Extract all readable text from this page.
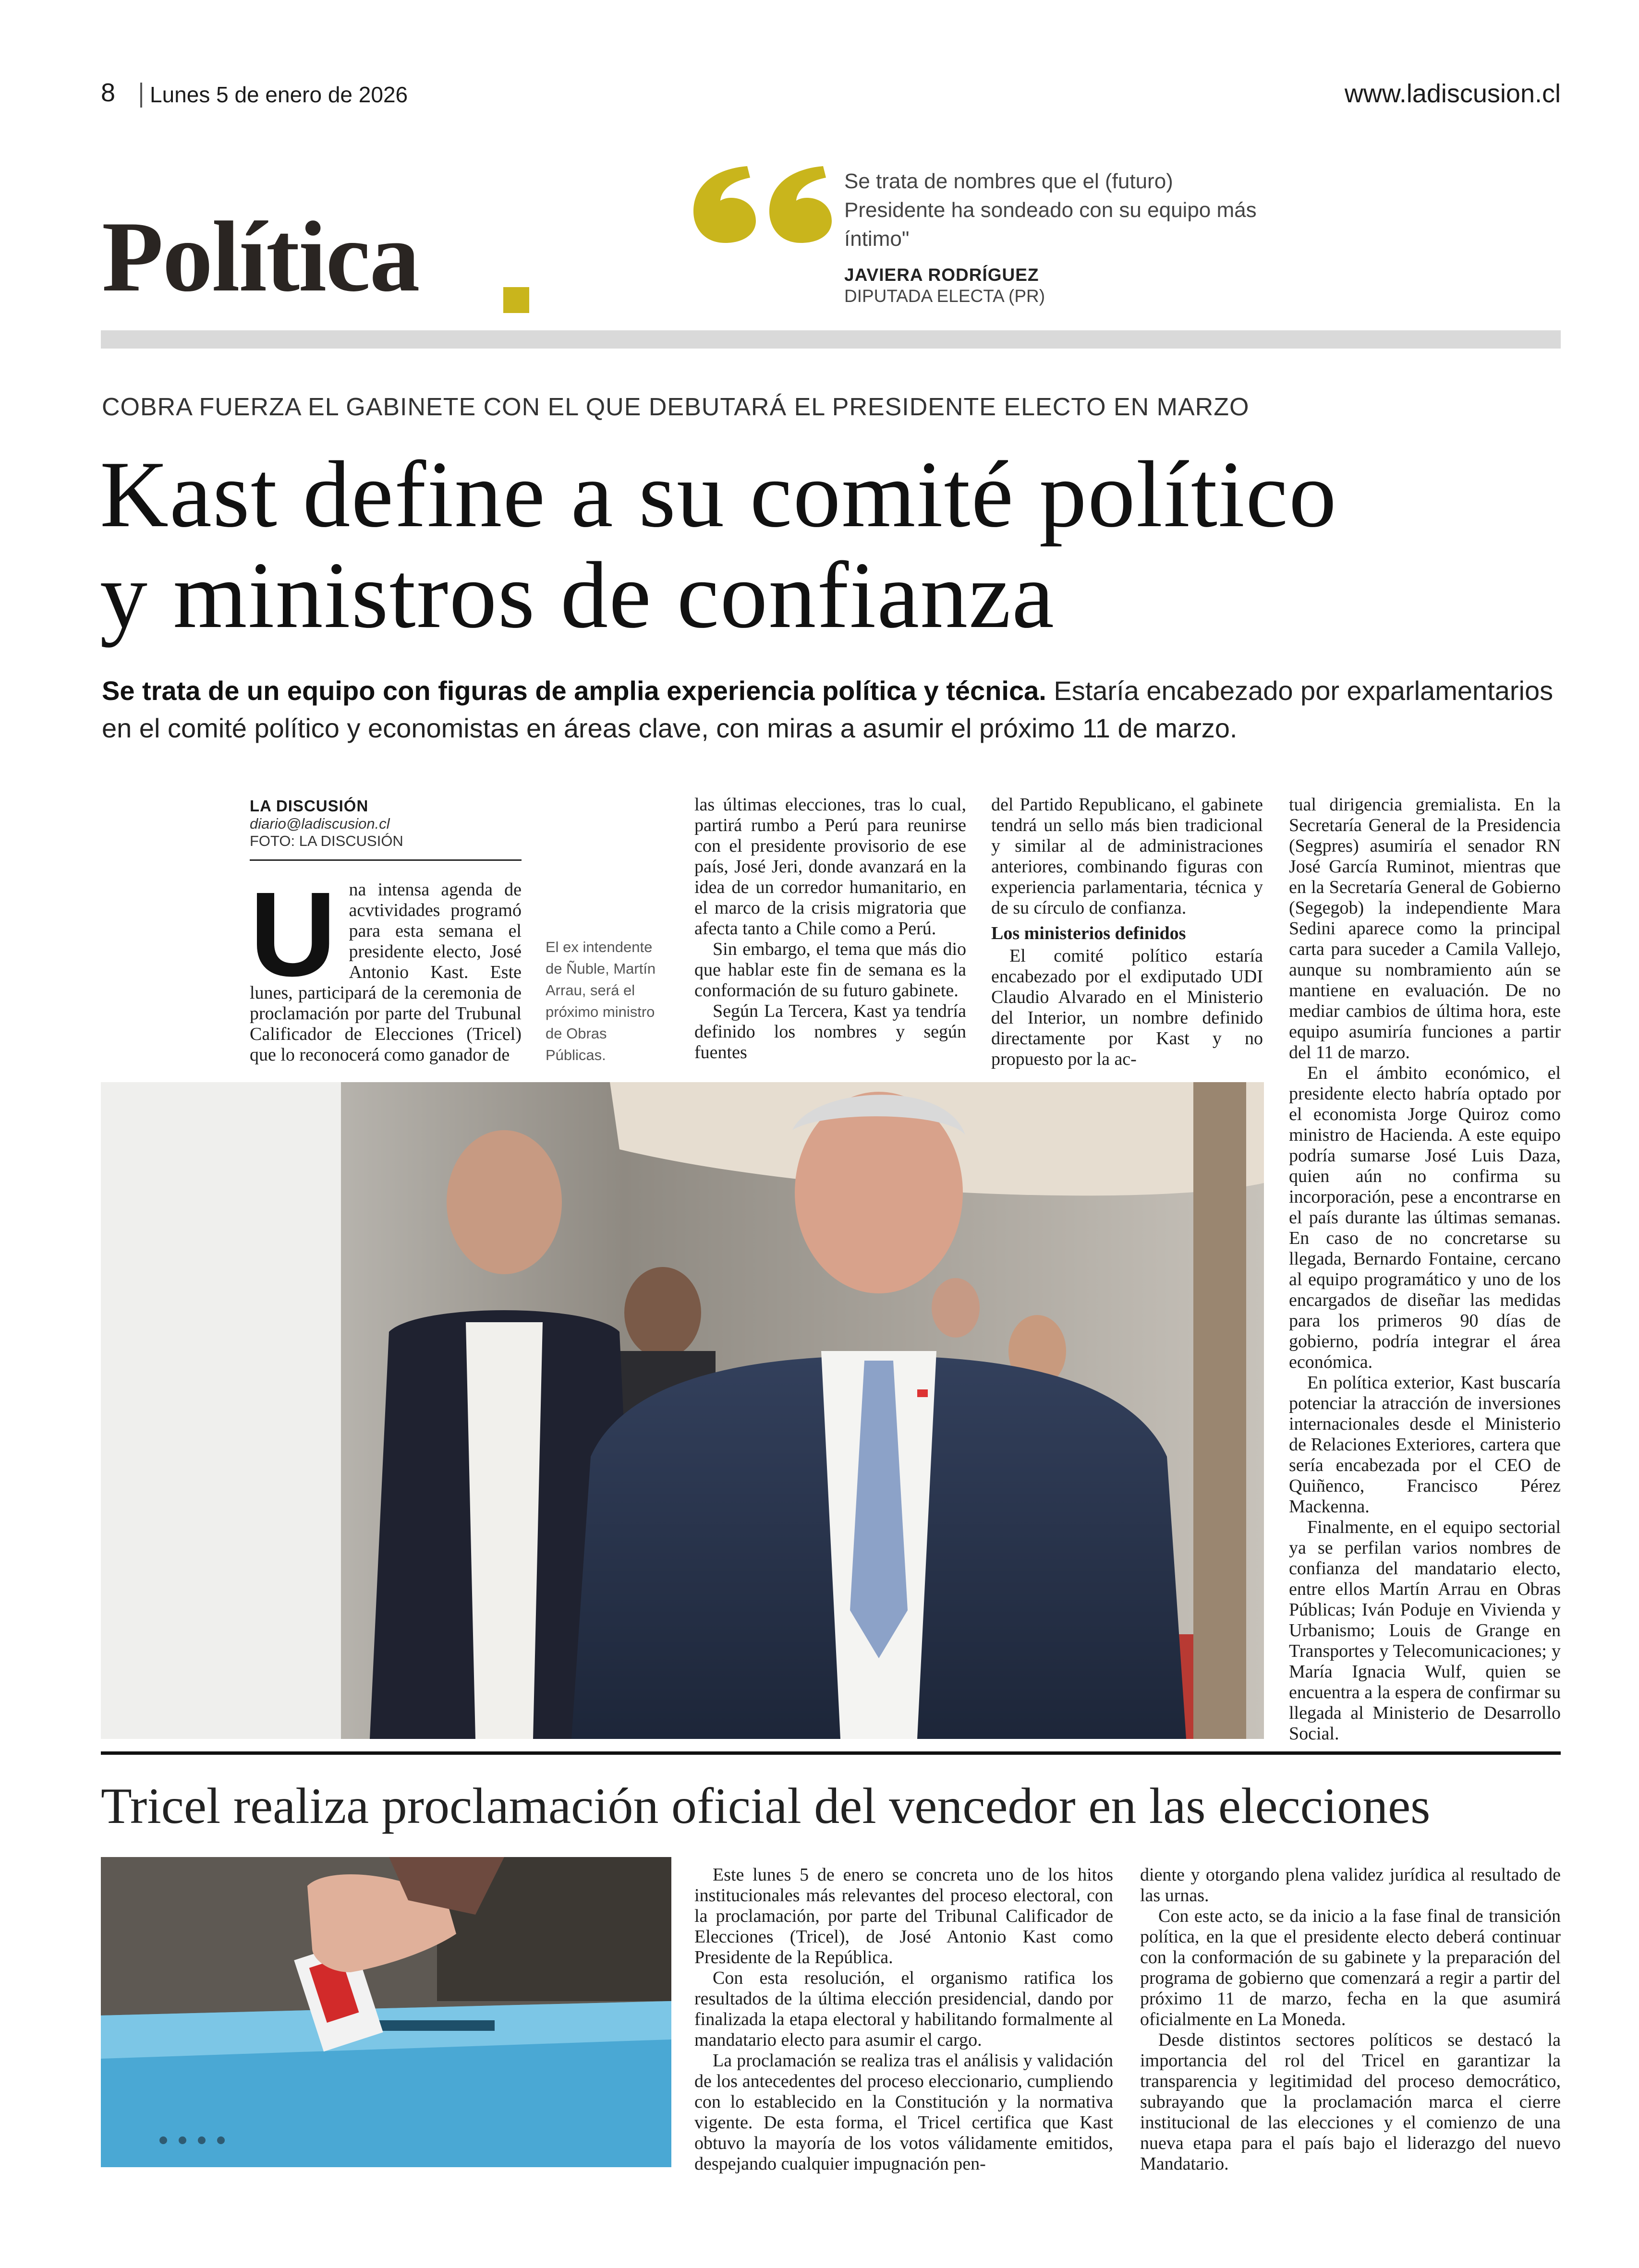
8 Lunes 5 de enero de 2026	www.ladiscusion.cl
Política
Se trata de nombres que el (futuro) Presidente ha sondeado con su equipo más íntimo"
JAVIERA RODRÍGUEZ
DIPUTADA ELECTA (PR)
COBRA FUERZA EL GABINETE CON EL QUE DEBUTARÁ EL PRESIDENTE ELECTO EN MARZO
Kast define a su comité político
y ministros de confianza
Se trata de un equipo con figuras de amplia experiencia política y técnica. Estaría encabezado por exparlamentarios en el comité político y economistas en áreas clave, con miras a asumir el próximo 11 de marzo.
LA DISCUSIÓN
diario@ladiscusion.cl
FOTO: LA DISCUSIÓN
U na intensa agenda de acvtividades programó para esta semana el presidente electo, José Antonio Kast. Este lunes, participará de la ceremonia de proclamación por parte del Trubunal Calificador de Elecciones (Tricel) que lo reconocerá como ganador de

El ex intendente de Ñuble, Martín Arrau, será el próximo ministro de Obras Públicas.

las últimas elecciones, tras lo cual, partirá rumbo a Perú para reunirse con el presidente provisorio de ese país, José Jeri, donde avanzará en la idea de un corredor humanitario, en el marco de la crisis migratoria que afecta tanto a Chile como a Perú.

Sin embargo, el tema que más dio que hablar este fin de semana es la conformación de su futuro gabinete.

Según La Tercera, Kast ya tendría definido los nombres y según fuentes

del Partido Republicano, el gabinete tendrá un sello más bien tradicional y similar al de administraciones anteriores, combinando figuras con experiencia parlamentaria, técnica y de su círculo de confianza.

Los ministerios definidos

El comité político estaría encabezado por el exdiputado UDI Claudio Alvarado en el Ministerio del Interior, un nombre definido directamente por Kast y no propuesto por la ac-

tual dirigencia gremialista. En la Secretaría General de la Presidencia (Segpres) asumiría el senador RN José García Ruminot, mientras que en la Secretaría General de Gobierno (Segegob) la independiente Mara Sedini aparece como la principal carta para suceder a Camila Vallejo, aunque su nombramiento aún se mantiene en evaluación. De no mediar cambios de última hora, este equipo asumiría funciones a partir del 11 de marzo.

En el ámbito económico, el presidente electo habría optado por el economista Jorge Quiroz como ministro de Hacienda. A este equipo podría sumarse José Luis Daza, quien aún no confirma su incorporación, pese a encontrarse en el país durante las últimas semanas. En caso de no concretarse su llegada, Bernardo Fontaine, cercano al equipo programático y uno de los encargados de diseñar las medidas para los primeros 90 días de gobierno, podría integrar el área económica.

En política exterior, Kast buscaría potenciar la atracción de inversiones internacionales desde el Ministerio de Relaciones Exteriores, cartera que sería encabezada por el CEO de Quiñenco, Francisco Pérez Mackenna.

Finalmente, en el equipo sectorial ya se perfilan varios nombres de confianza del mandatario electo, entre ellos Martín Arrau en Obras Públicas; Iván Poduje en Vivienda y Urbanismo; Louis de Grange en Transportes y Telecomunicaciones; y María Ignacia Wulf, quien se encuentra a la espera de confirmar su llegada al Ministerio de Desarrollo Social.

Tricel realiza proclamación oficial del vencedor en las elecciones

Este lunes 5 de enero se concreta uno de los hitos institucionales más relevantes del proceso electoral, con la proclamación, por parte del Tribunal Calificador de Elecciones (Tricel), de José Antonio Kast como Presidente de la República.

Con esta resolución, el organismo ratifica los resultados de la última elección presidencial, dando por finalizada la etapa electoral y habilitando formalmente al mandatario electo para asumir el cargo.

La proclamación se realiza tras el análisis y validación de los antecedentes del proceso eleccionario, cumpliendo con lo establecido en la Constitución y la normativa vigente. De esta forma, el Tricel certifica que Kast obtuvo la mayoría de los votos válidamente emitidos, despejando cualquier impugnación pen-

diente y otorgando plena validez jurídica al resultado de las urnas.

Con este acto, se da inicio a la fase final de transición política, en la que el presidente electo deberá continuar con la conformación de su gabinete y la preparación del programa de gobierno que comenzará a regir a partir del próximo 11 de marzo, fecha en la que asumirá oficialmente en La Moneda.

Desde distintos sectores políticos se destacó la importancia del rol del Tricel en garantizar la transparencia y legitimidad del proceso democrático, subrayando que la proclamación marca el cierre institucional de las elecciones y el comienzo de una nueva etapa para el país bajo el liderazgo del nuevo Mandatario.
